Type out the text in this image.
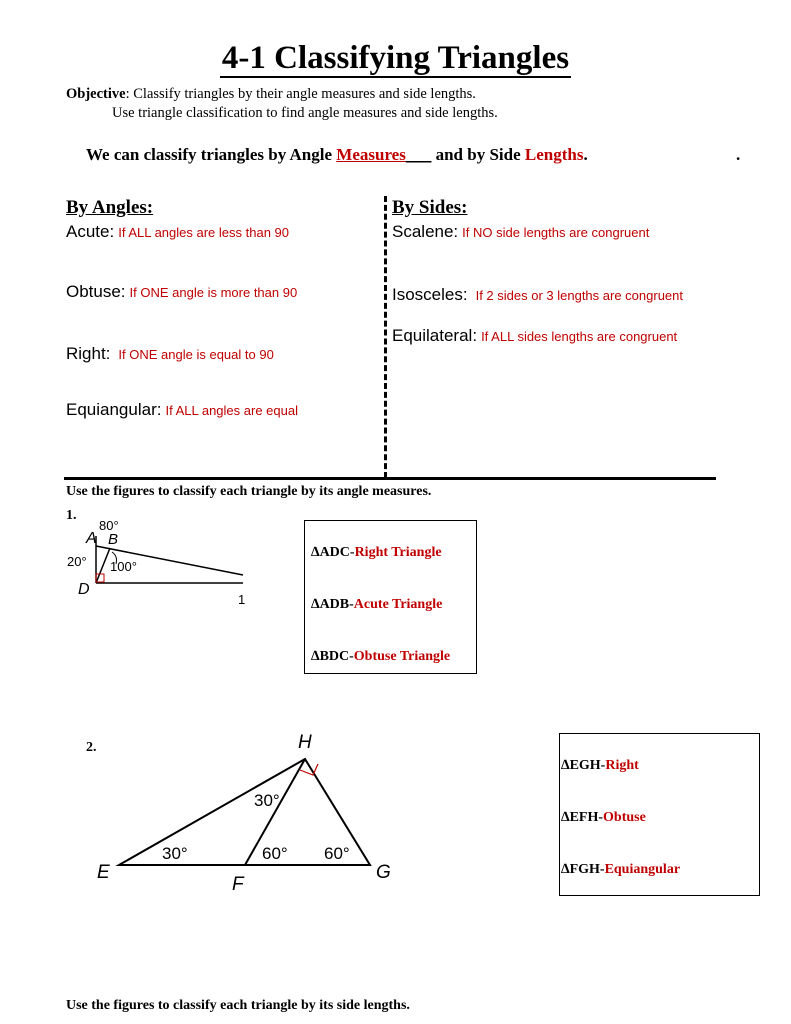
4-1 Classifying Triangles
Objective: Classify triangles by their angle measures and side lengths.
Use triangle classification to find angle measures and side lengths.
We can classify triangles by Angle Measures___ and by Side Lengths.	.
By Angles:
Acute: If ALL angles are less than 90
Obtuse: If ONE angle is more than 90
Right: If ONE angle is equal to 90
Equiangular: If ALL angles are equal
By Sides:
Scalene: If NO side lengths are congruent
Isosceles: If 2 sides or 3 lengths are congruent
Equilateral: If ALL sides lengths are congruent
Use the figures to classify each triangle by its angle measures.
1.
80°
A B
20° 100°
D
1
∆ADC-Right Triangle
∆ADB-Acute Triangle
∆BDC-Obtuse Triangle
2.	H
30°
30°	60° 60°
E
F
G
∆EGH-Right
∆EFH-Obtuse
∆FGH-Equiangular
Use the figures to classify each triangle by its side lengths.
